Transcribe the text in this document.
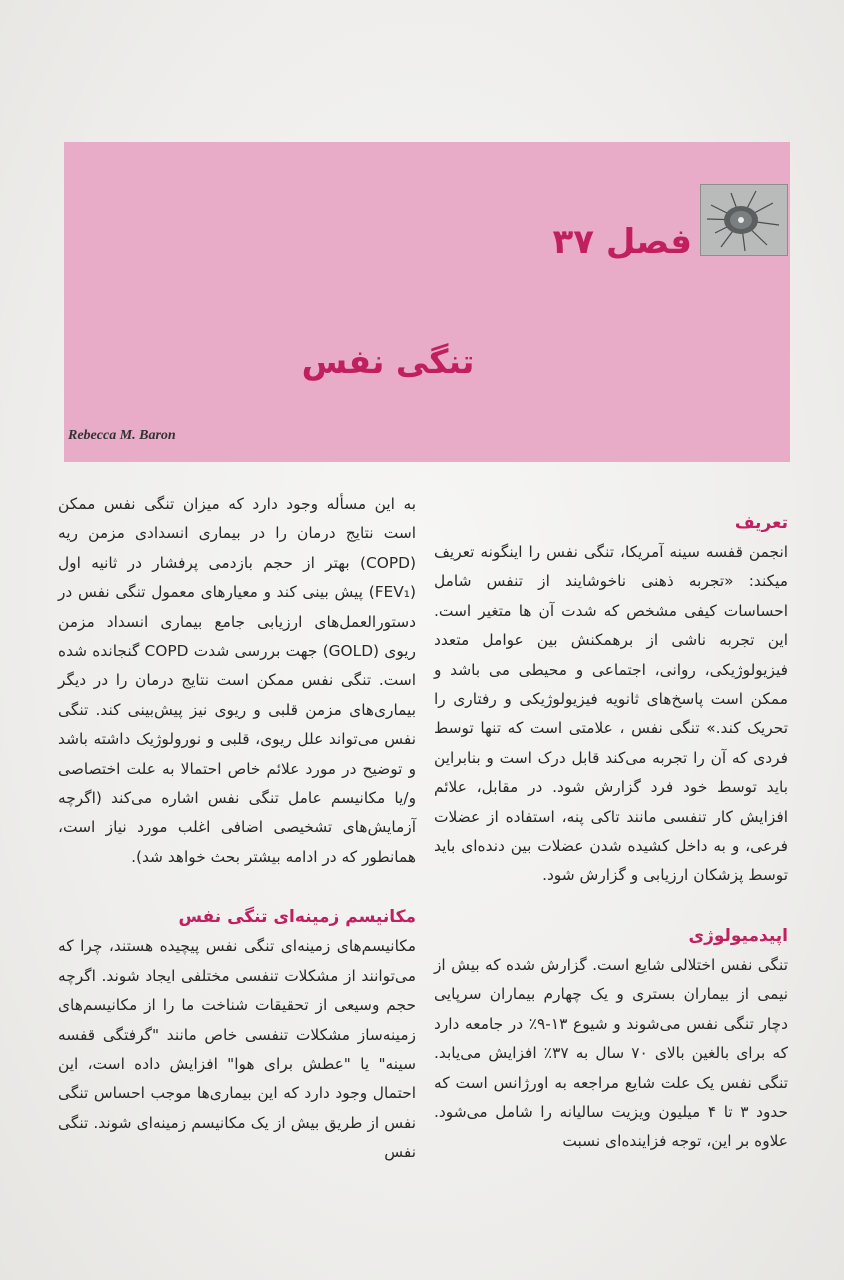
فصل ۳۷
تنگی نفس
Rebecca M. Baron
تعریف

انجمن قفسه سینه آمریکا، تنگی نفس را اینگونه تعریف میکند: «تجربه ذهنی ناخوشایند از تنفس شامل احساسات کیفی مشخص که شدت آن ها متغیر است. این تجربه ناشی از برهمکنش بین عوامل متعدد فیزیولوژیکی، روانی، اجتماعی و محیطی می باشد و ممکن است پاسخ‌های ثانویه فیزیولوژیکی و رفتاری را تحریک کند.» تنگی نفس ، علامتی است که تنها توسط فردی که آن را تجربه می‌کند قابل درک است و بنابراین باید توسط خود فرد گزارش شود. در مقابل، علائم افزایش کار تنفسی مانند تاکی پنه، استفاده از عضلات فرعی، و به داخل کشیده شدن عضلات بین دنده‌ای باید توسط پزشکان ارزیابی و گزارش شود.

اپیدمیولوژی

تنگی نفس اختلالی شایع است. گزارش شده که بیش از نیمی از بیماران بستری و یک چهارم بیماران سرپایی دچار تنگی نفس می‌شوند و شیوع ۱۳-۹٪ در جامعه دارد که برای بالغین بالای ۷۰ سال به ۳۷٪ افزایش می‌یابد. تنگی نفس یک علت شایع مراجعه به اورژانس است که حدود ۳ تا ۴ میلیون ویزیت سالیانه را شامل می‌شود. علاوه بر این، توجه فزاینده‌ای نسبت

به این مسأله وجود دارد که میزان تنگی نفس ممکن است نتایج درمان را در بیماری انسدادی مزمن ریه (COPD) بهتر از حجم بازدمی پرفشار در ثانیه اول (FEV₁) پیش بینی کند و معیارهای معمول تنگی نفس در دستورالعمل‌های ارزیابی جامع بیماری انسداد مزمن ریوی (GOLD) جهت بررسی شدت COPD گنجانده شده است. تنگی نفس ممکن است نتایج درمان را در دیگر بیماری‌های مزمن قلبی و ریوی نیز پیش‌بینی کند. تنگی نفس می‌تواند علل ریوی، قلبی و نورولوژیک داشته باشد و توضیح در مورد علائم خاص احتمالا به علت اختصاصی و/یا مکانیسم عامل تنگی نفس اشاره می‌کند (اگرچه آزمایش‌های تشخیصی اضافی اغلب مورد نیاز است، همانطور که در ادامه بیشتر بحث خواهد شد).

مکانیسم زمینه‌ای تنگی نفس

مکانیسم‌های زمینه‌ای تنگی نفس پیچیده هستند، چرا که می‌توانند از مشکلات تنفسی مختلفی ایجاد شوند. اگرچه حجم وسیعی از تحقیقات شناخت ما را از مکانیسم‌های زمینه‌ساز مشکلات تنفسی خاص مانند "گرفتگی قفسه سینه" یا "عطش برای هوا" افزایش داده است، این احتمال وجود دارد که این بیماری‌ها موجب احساس تنگی نفس از طریق بیش از یک مکانیسم زمینه‌ای شوند. تنگی نفس
